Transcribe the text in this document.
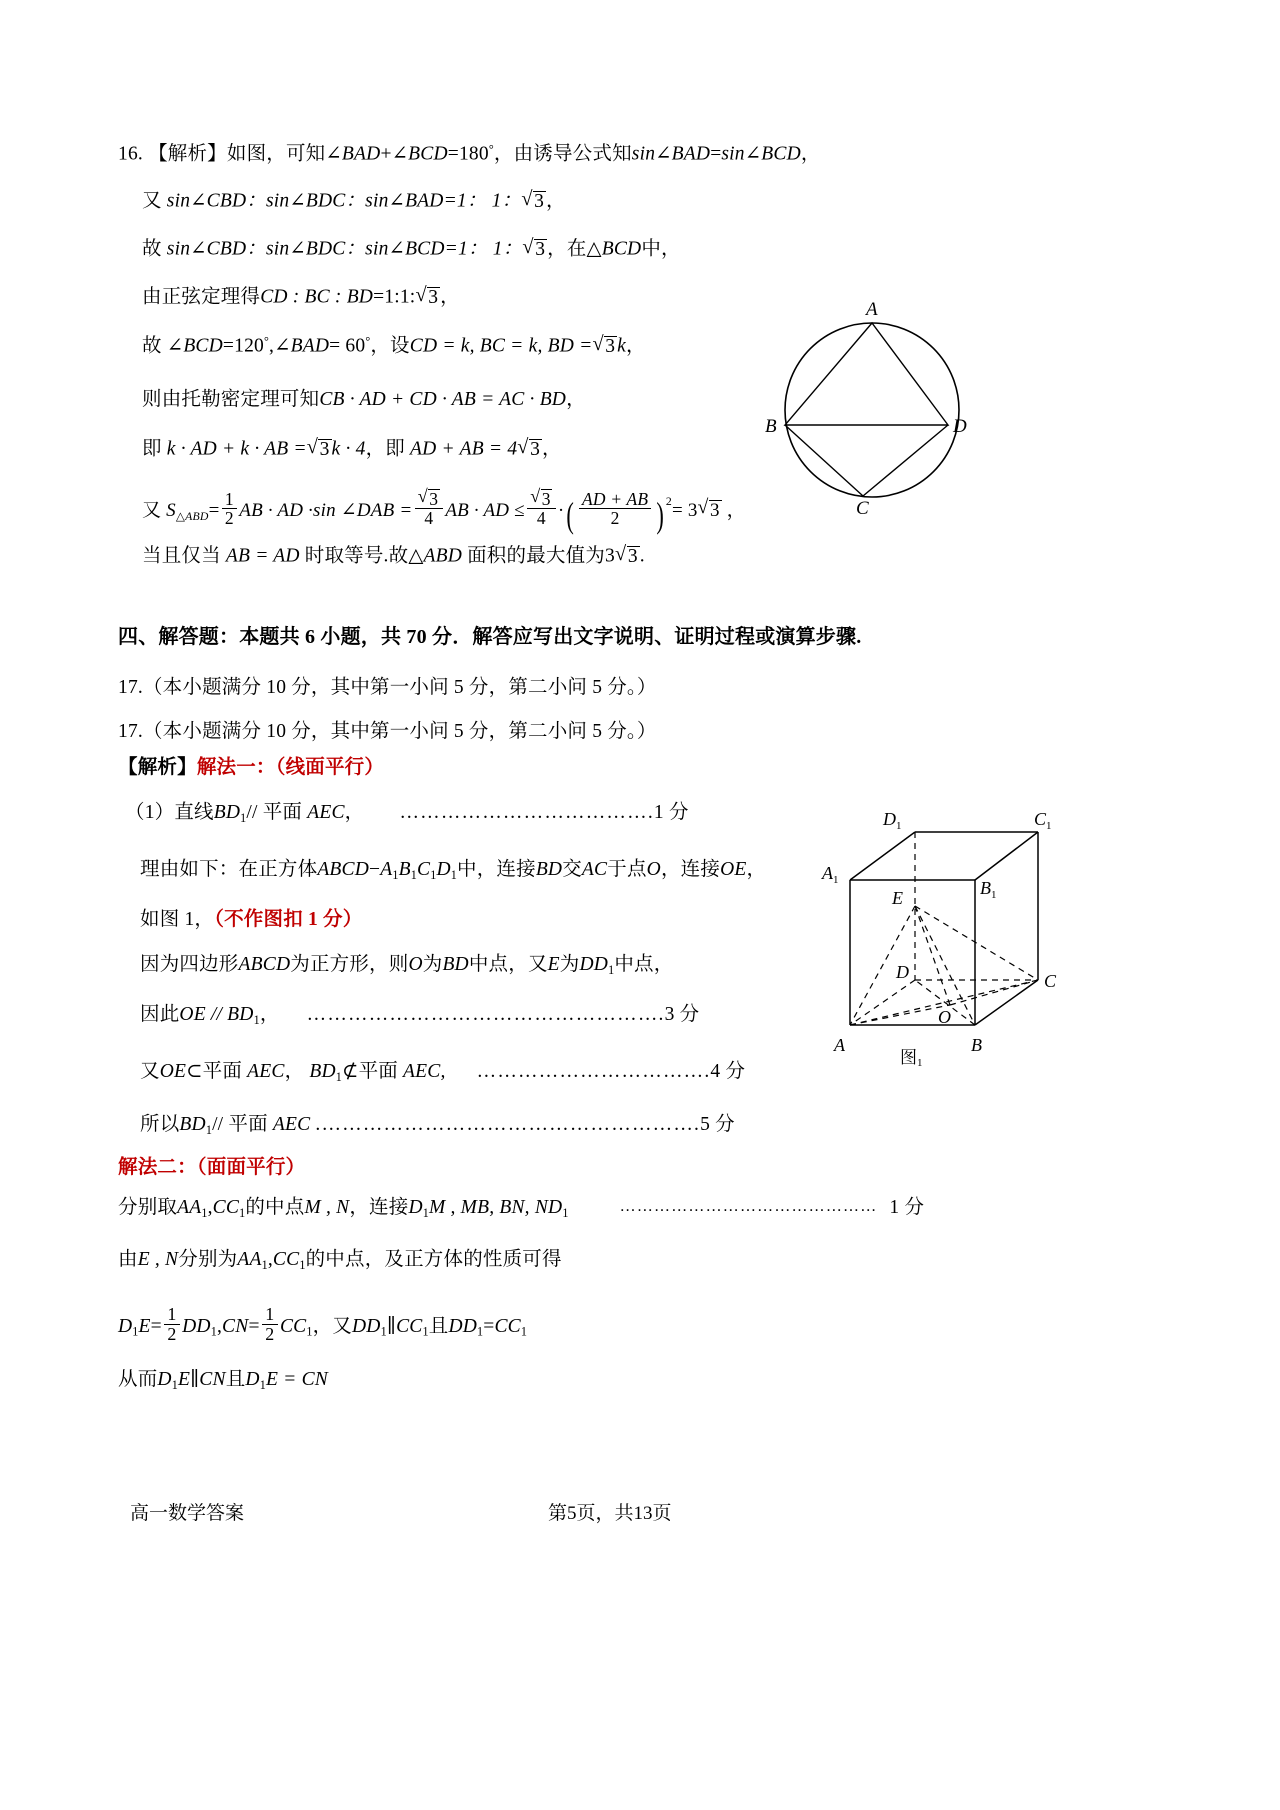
16. 【解析】如图，可知∠BAD+∠BCD=180°，由诱导公式知sin∠BAD=sin∠BCD，
又 sin∠CBD：sin∠BDC：sin∠BAD=1： 1： √ 3，
故 sin∠CBD：sin∠BDC：sin∠BCD=1： 1： √ 3，在△BCD中，
由正弦定理得CD : BC : BD=1:1: √ 3，
故 ∠BCD=120°,∠BAD= 60°，设CD = k, BC = k, BD = √ 3k，
则由托勒密定理可知CB · AD + CD · AB = AC · BD，
即 k · AD + k · AB = √ 3k · 4，即 AD + AB = 4 √ 3，
又 $S_{\triangle ABD}= \frac{1}{2}$ AB · AD ·sin ∠DAB = √ $\frac{3}{4}$ AB · AD ≤ √ $\frac{3}{4}$ ·( $\frac{AD + AB}{2}$ ) $^2$= 3 √ 3 ，
当且仅当 AB = AD 时取等号.故△ABD 面积的最大值为3 √ 3.
A
B
C
D
四、解答题：本题共 6 小题，共 70 分．解答应写出文字说明、证明过程或演算步骤.
17.（本小题满分 10 分，其中第一小问 5 分，第二小问 5 分。）
17.（本小题满分 10 分，其中第一小问 5 分，第二小问 5 分。）
【解析】解法一：（线面平行）
（1）直线BD1// 平面 AEC， ……………………………….1 分
理由如下：在正方体ABCD−A1B1C1D1中，连接BD交AC于点O，连接OE，
如图 1，（不作图扣 1 分）
因为四边形ABCD为正方形，则O为BD中点，又E为DD1中点，
因此OE // BD1， …………………………………………….3 分
又OE⊂平面 AEC， BD1⊄平面 AEC, …………………………….4 分
所以BD1// 平面 AEC .……………………………………………….5 分
解法二：（面面平行）
分别取AA1,CC1的中点M , N，连接D1M , MB, BN, ND1	……………………………………… 1 分
由E , N分别为AA1,CC1的中点，及正方体的性质可得
$D1E= \frac{1}{2} DD1,CN= \frac{1}{2} CC1$，又DD1∥CC1且DD1=CC1
从而D1E∥CN且D1E = CN
$D_1$	$C_1$
$A_1$	$B_1$
E
D	C
A	B
O
图1
高一数学答案	第5页，共13页
